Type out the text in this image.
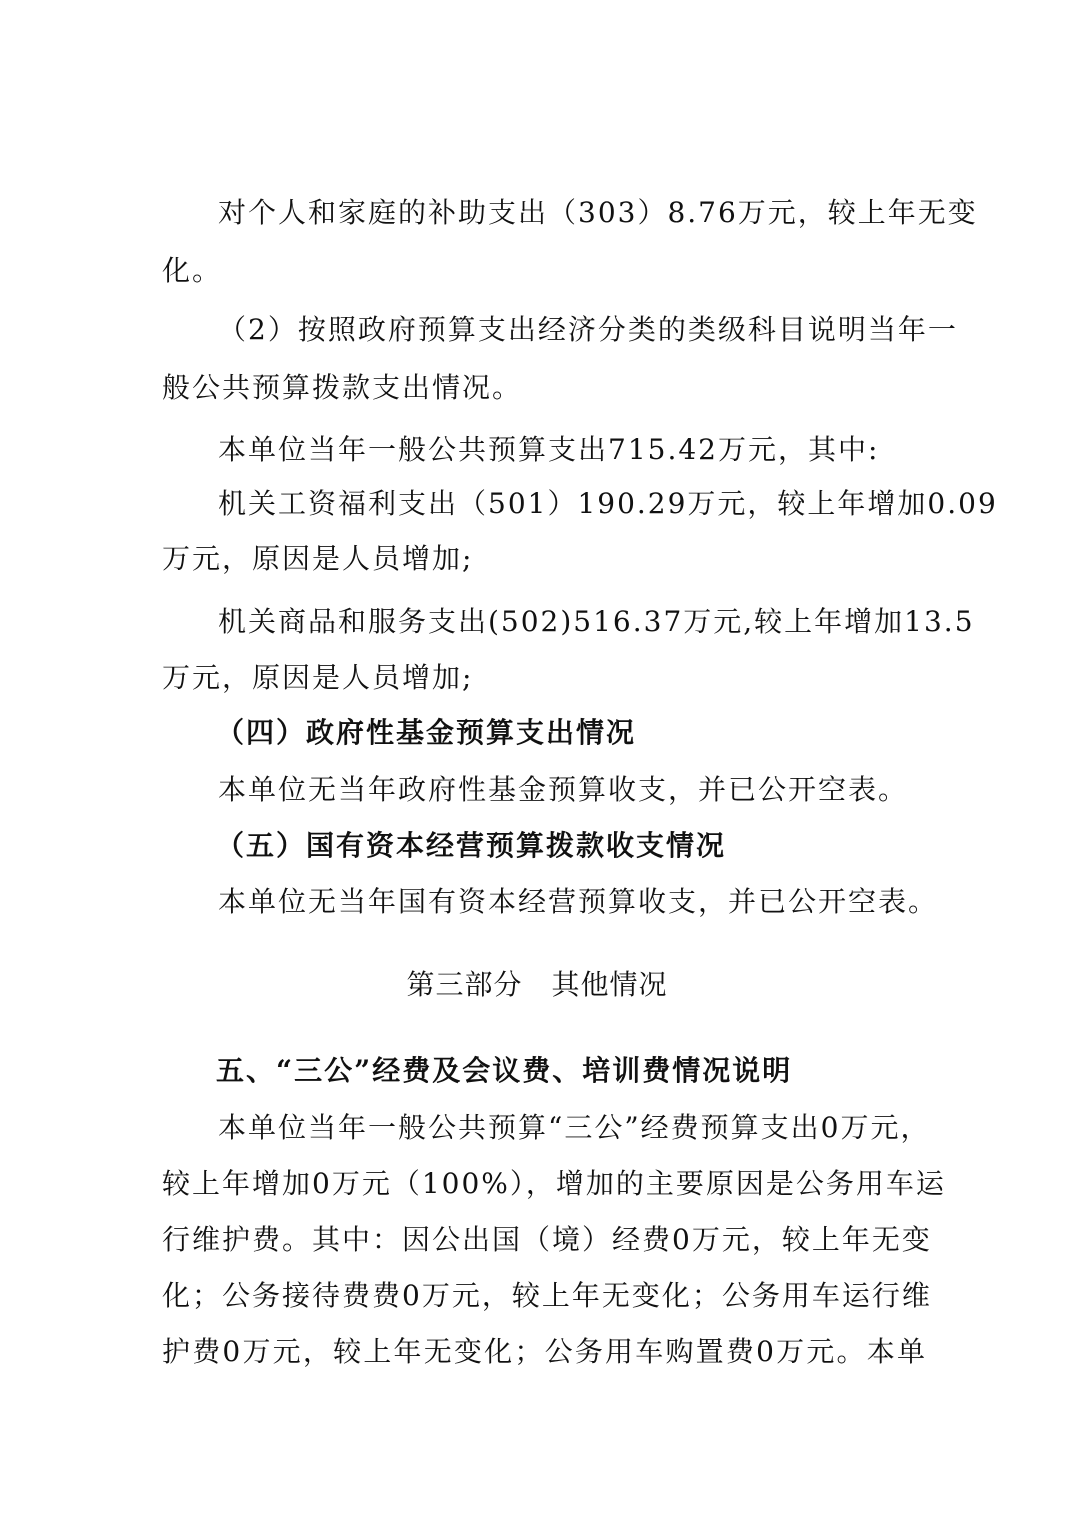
对个人和家庭的补助支出（303）8.76万元，较上年无变
化。
（2）按照政府预算支出经济分类的类级科目说明当年一
般公共预算拨款支出情况。
本单位当年一般公共预算支出715.42万元，其中:
机关工资福利支出（501）190.29万元，较上年增加0.09
万元，原因是人员增加;
机关商品和服务支出(502)516.37万元,较上年增加13.5
万元，原因是人员增加;
（四）政府性基金预算支出情况
本单位无当年政府性基金预算收支，并已公开空表。
（五）国有资本经营预算拨款收支情况
本单位无当年国有资本经营预算收支，并已公开空表。
第三部分　其他情况
五、“三公”经费及会议费、培训费情况说明
本单位当年一般公共预算“三公”经费预算支出0万元，
较上年增加0万元（100%），增加的主要原因是公务用车运
行维护费。其中：因公出国（境）经费0万元，较上年无变
化；公务接待费费0万元，较上年无变化；公务用车运行维
护费0万元，较上年无变化；公务用车购置费0万元。本单
